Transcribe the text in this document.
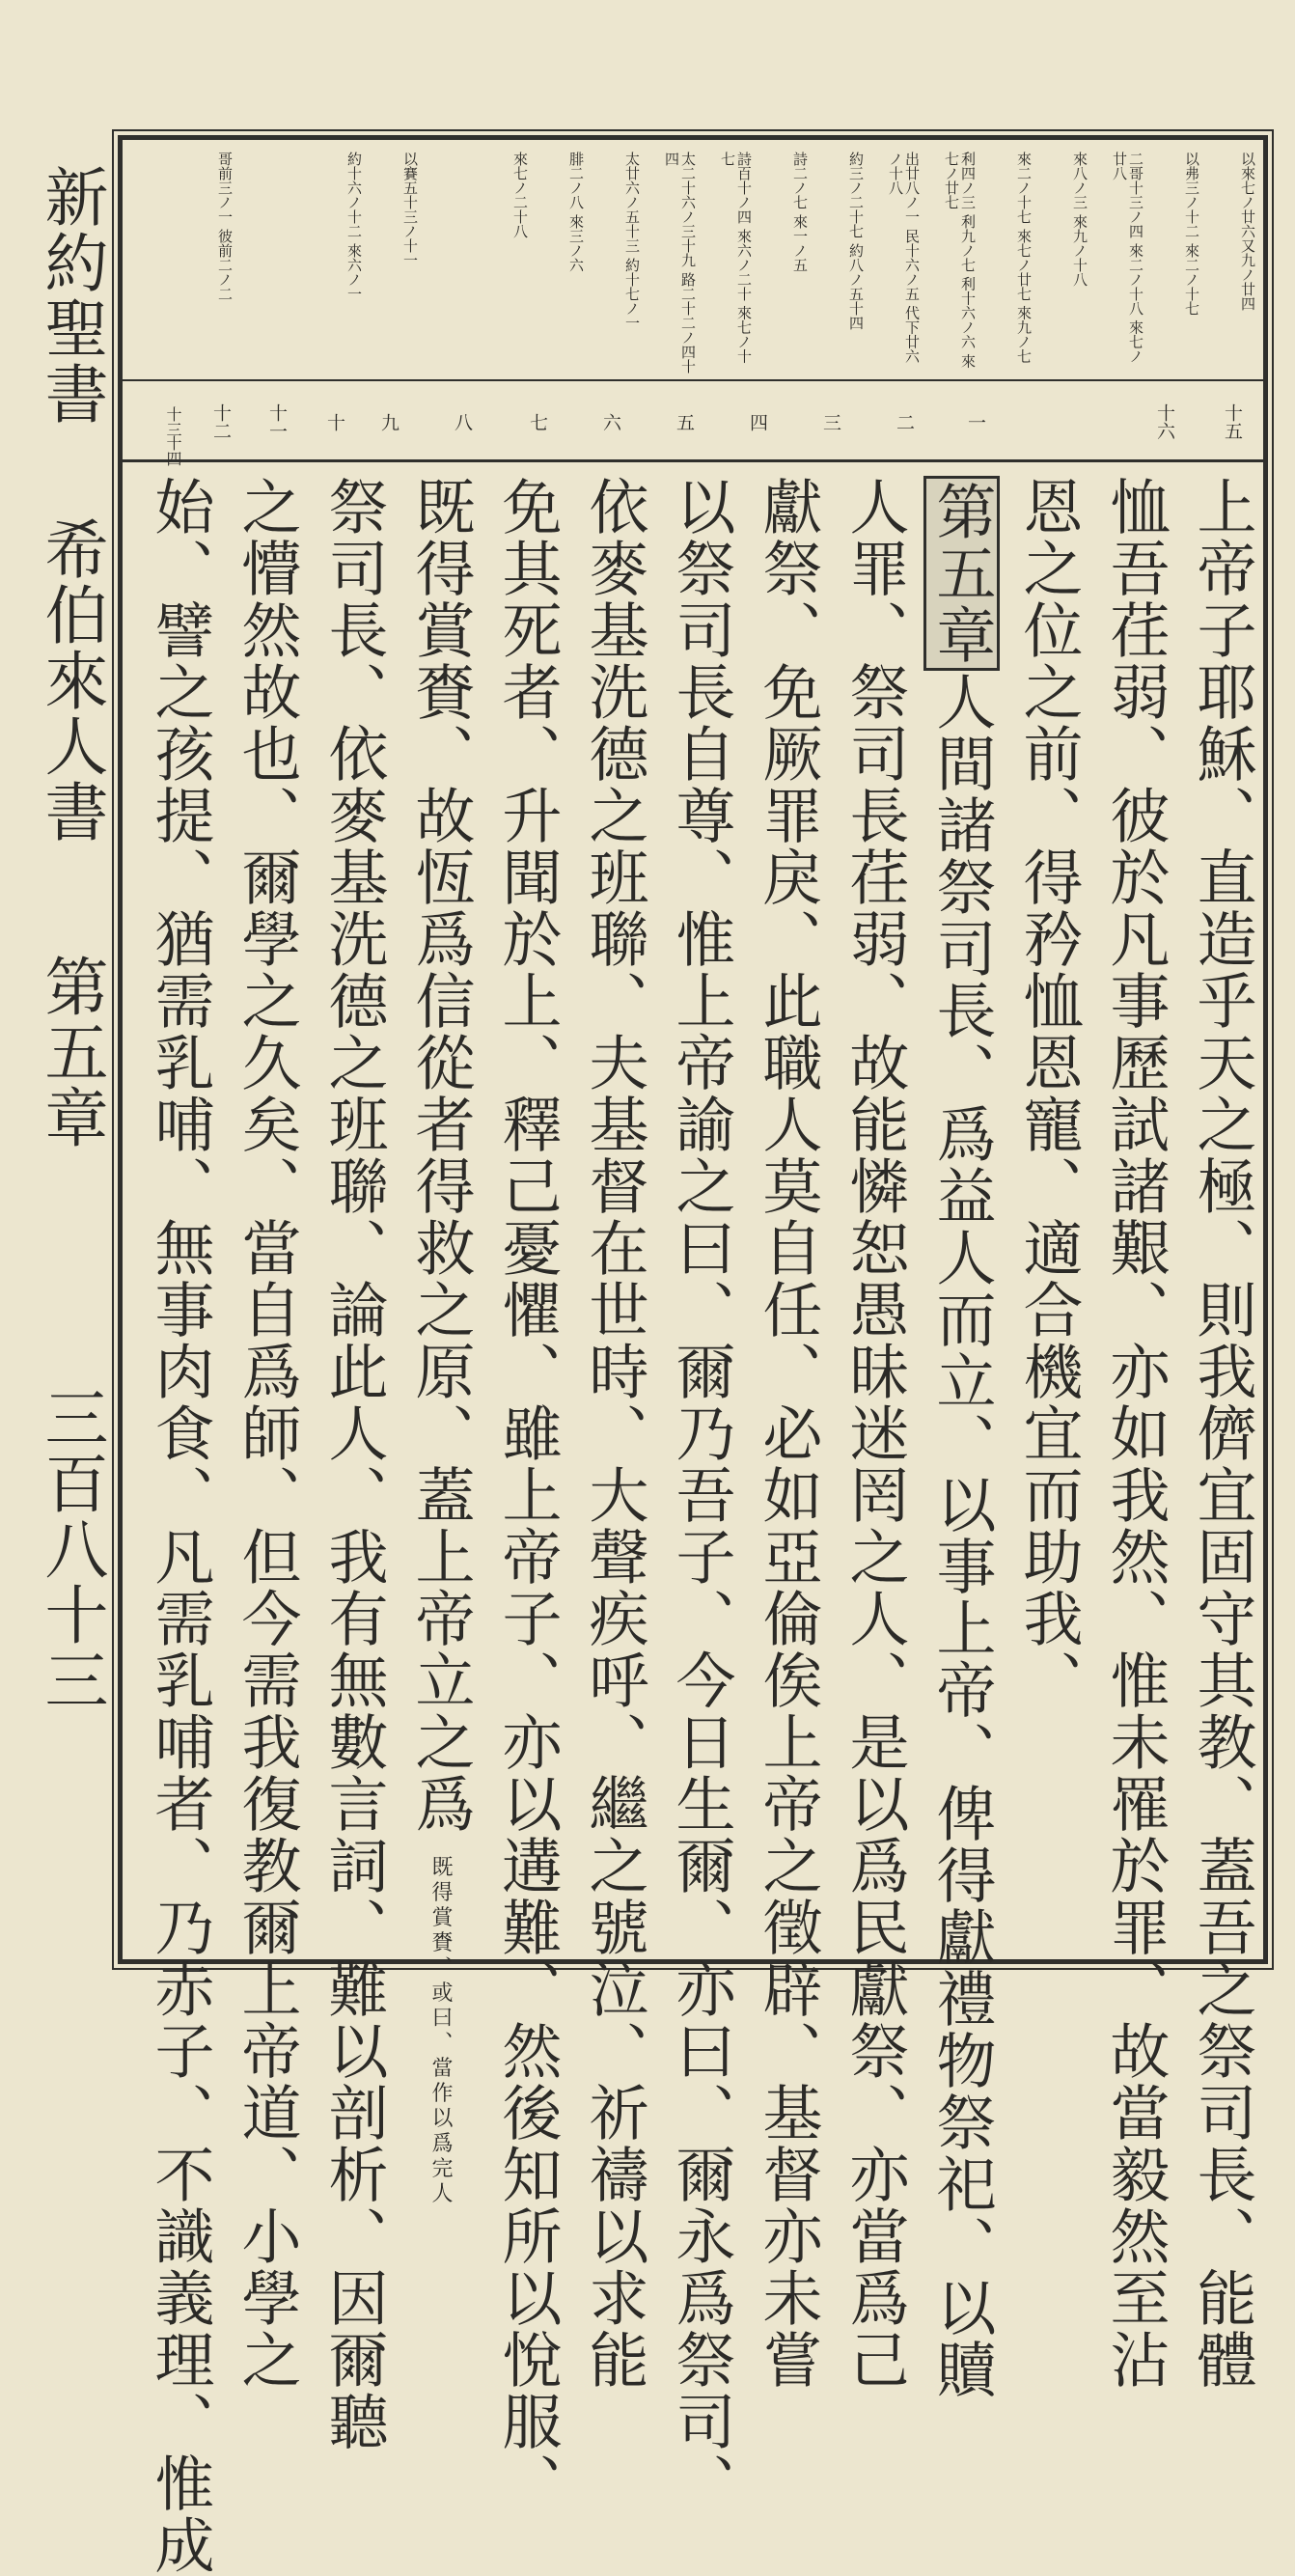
新約聖書 希伯來人書 第五章 三百八十三
以來七ノ廿六又九ノ廿四
以弗三ノ十二 來二ノ十七
二哥十三ノ四 來二ノ十八 來七ノ廿八
來八ノ三 來九ノ十八
來二ノ十七 來七ノ廿七 來九ノ七
利四ノ三 利九ノ七 利十六ノ六 來七ノ廿七
出廿八ノ一 民十六ノ五 代下廿六ノ十八
約三ノ二十七 約八ノ五十四
詩二ノ七 來一ノ五
詩百十ノ四 來六ノ二十 來七ノ十七
太二十六ノ三十九 路二十二ノ四十四
太廿六ノ五十三 約十七ノ一
腓二ノ八 來三ノ六
來七ノ二十八
以賽五十三ノ十一
約十六ノ十二 來六ノ一
哥前三ノ一 彼前二ノ二
十五
十六
一
二
三
四
五
六
七
八
九
十
十一
十二
十三
十四
上帝子耶穌、直造乎天之極、則我儕宜固守其教、蓋吾之祭司長、能體
恤吾荏弱、彼於凡事歷試諸艱、亦如我然、惟未罹於罪、故當毅然至沾
恩之位之前、得矜恤恩寵、適合機宜而助我、
第五章人間諸祭司長、爲益人而立、以事上帝、俾得獻禮物祭祀、以贖
人罪、祭司長荏弱、故能憐恕愚昧迷罔之人、是以爲民獻祭、亦當爲己
獻祭、免厥罪戾、此職人莫自任、必如亞倫俟上帝之徵辟、基督亦未嘗
以祭司長自尊、惟上帝諭之曰、爾乃吾子、今日生爾、亦曰、爾永爲祭司、
依麥基洗德之班聯、夫基督在世時、大聲疾呼、繼之號泣、祈禱以求能
免其死者、升聞於上、釋己憂懼、雖上帝子、亦以遘難、然後知所以悅服、
既得賞賚、故恆爲信從者得救之原、蓋上帝立之爲 既得賞賚、或曰、當作以爲完人
祭司長、依麥基洗德之班聯、論此人、我有無數言詞、難以剖析、因爾聽
之懵然故也、爾學之久矣、當自爲師、但今需我復教爾上帝道、小學之
始、譬之孩提、猶需乳哺、無事肉食、凡需乳哺者、乃赤子、不識義理、惟成
